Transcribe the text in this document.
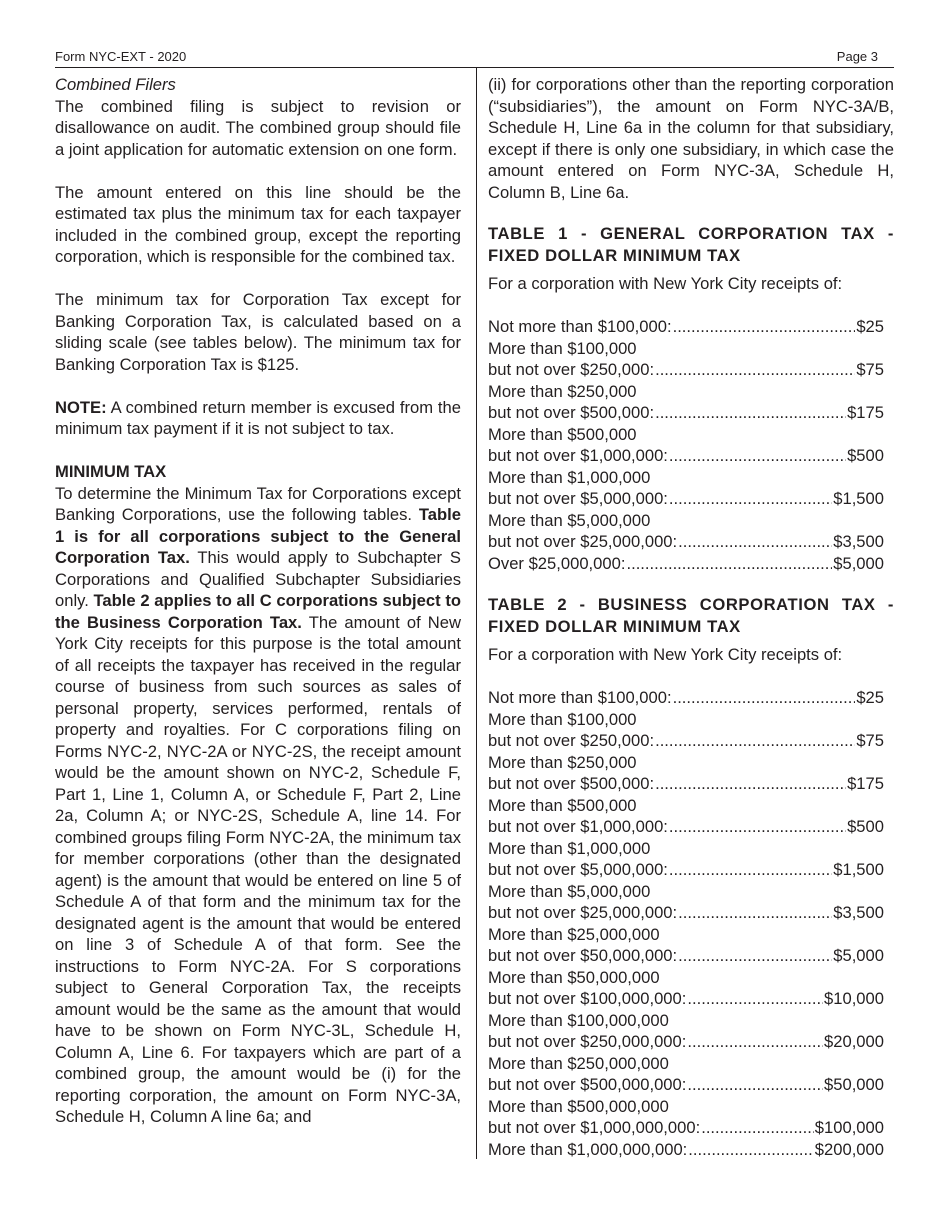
Form NYC-EXT - 2020	Page 3

Combined Filers

The combined filing is subject to revision or disallowance on audit. The combined group should file a joint application for automatic extension on one form.

The amount entered on this line should be the estimated tax plus the minimum tax for each taxpayer included in the combined group, except the reporting corporation, which is responsible for the combined tax.

The minimum tax for Corporation Tax except for Banking Corporation Tax, is calculated based on a sliding scale (see tables below). The minimum tax for Banking Corporation Tax is $125.

NOTE: A combined return member is excused from the minimum tax payment if it is not subject to tax.

MINIMUM TAX

To determine the Minimum Tax for Corporations except Banking Corporations, use the following tables. Table 1 is for all corporations subject to the General Corporation Tax. This would apply to Subchapter S Corporations and Qualified Subchapter Subsidiaries only. Table 2 applies to all C corporations subject to the Business Corporation Tax. The amount of New York City receipts for this purpose is the total amount of all receipts the taxpayer has received in the regular course of business from such sources as sales of personal property, services performed, rentals of property and royalties. For C corporations filing on Forms NYC-2, NYC-2A or NYC-2S, the receipt amount would be the amount shown on NYC-2, Schedule F, Part 1, Line 1, Column A, or Schedule F, Part 2, Line 2a, Column A; or NYC-2S, Schedule A, line 14. For combined groups filing Form NYC-2A, the minimum tax for member corporations (other than the designated agent) is the amount that would be entered on line 5 of Schedule A of that form and the minimum tax for the designated agent is the amount that would be entered on line 3 of Schedule A of that form. See the instructions to Form NYC-2A. For S corporations subject to General Corporation Tax, the receipts amount would be the same as the amount that would have to be shown on Form NYC-3L, Schedule H, Column A, Line 6. For taxpayers which are part of a combined group, the amount would be (i) for the reporting corporation, the amount on Form NYC-3A, Schedule H, Column A line 6a; and

(ii) for corporations other than the reporting corporation (“subsidiaries”), the amount on Form NYC-3A/B, Schedule H, Line 6a in the column for that subsidiary, except if there is only one subsidiary, in which case the amount entered on Form NYC-3A, Schedule H, Column B, Line 6a.

TABLE 1 - GENERAL CORPORATION TAX - FIXED DOLLAR MINIMUM TAX

For a corporation with New York City receipts of:

Not more than $100,000: .....	$25
More than $100,000
but not over $250,000: .....	$75
More than $250,000
but not over $500,000: .....	$175
More than $500,000
but not over $1,000,000: .....	$500
More than $1,000,000
but not over $5,000,000: .....	$1,500
More than $5,000,000
but not over $25,000,000: .....	$3,500
Over $25,000,000: .....	$5,000
TABLE 2 - BUSINESS CORPORATION TAX - FIXED DOLLAR MINIMUM TAX

For a corporation with New York City receipts of:

Not more than $100,000: .....	$25
More than $100,000
but not over $250,000: .....	$75
More than $250,000
but not over $500,000: .....	$175
More than $500,000
but not over $1,000,000: .....	$500
More than $1,000,000
but not over $5,000,000: .....	$1,500
More than $5,000,000
but not over $25,000,000: .....	$3,500
More than $25,000,000
but not over $50,000,000: .....	$5,000
More than $50,000,000
but not over $100,000,000: .....	$10,000
More than $100,000,000
but not over $250,000,000: .....	$20,000
More than $250,000,000
but not over $500,000,000: .....	$50,000
More than $500,000,000
but not over $1,000,000,000: .....	$100,000
More than $1,000,000,000: .....	$200,000
